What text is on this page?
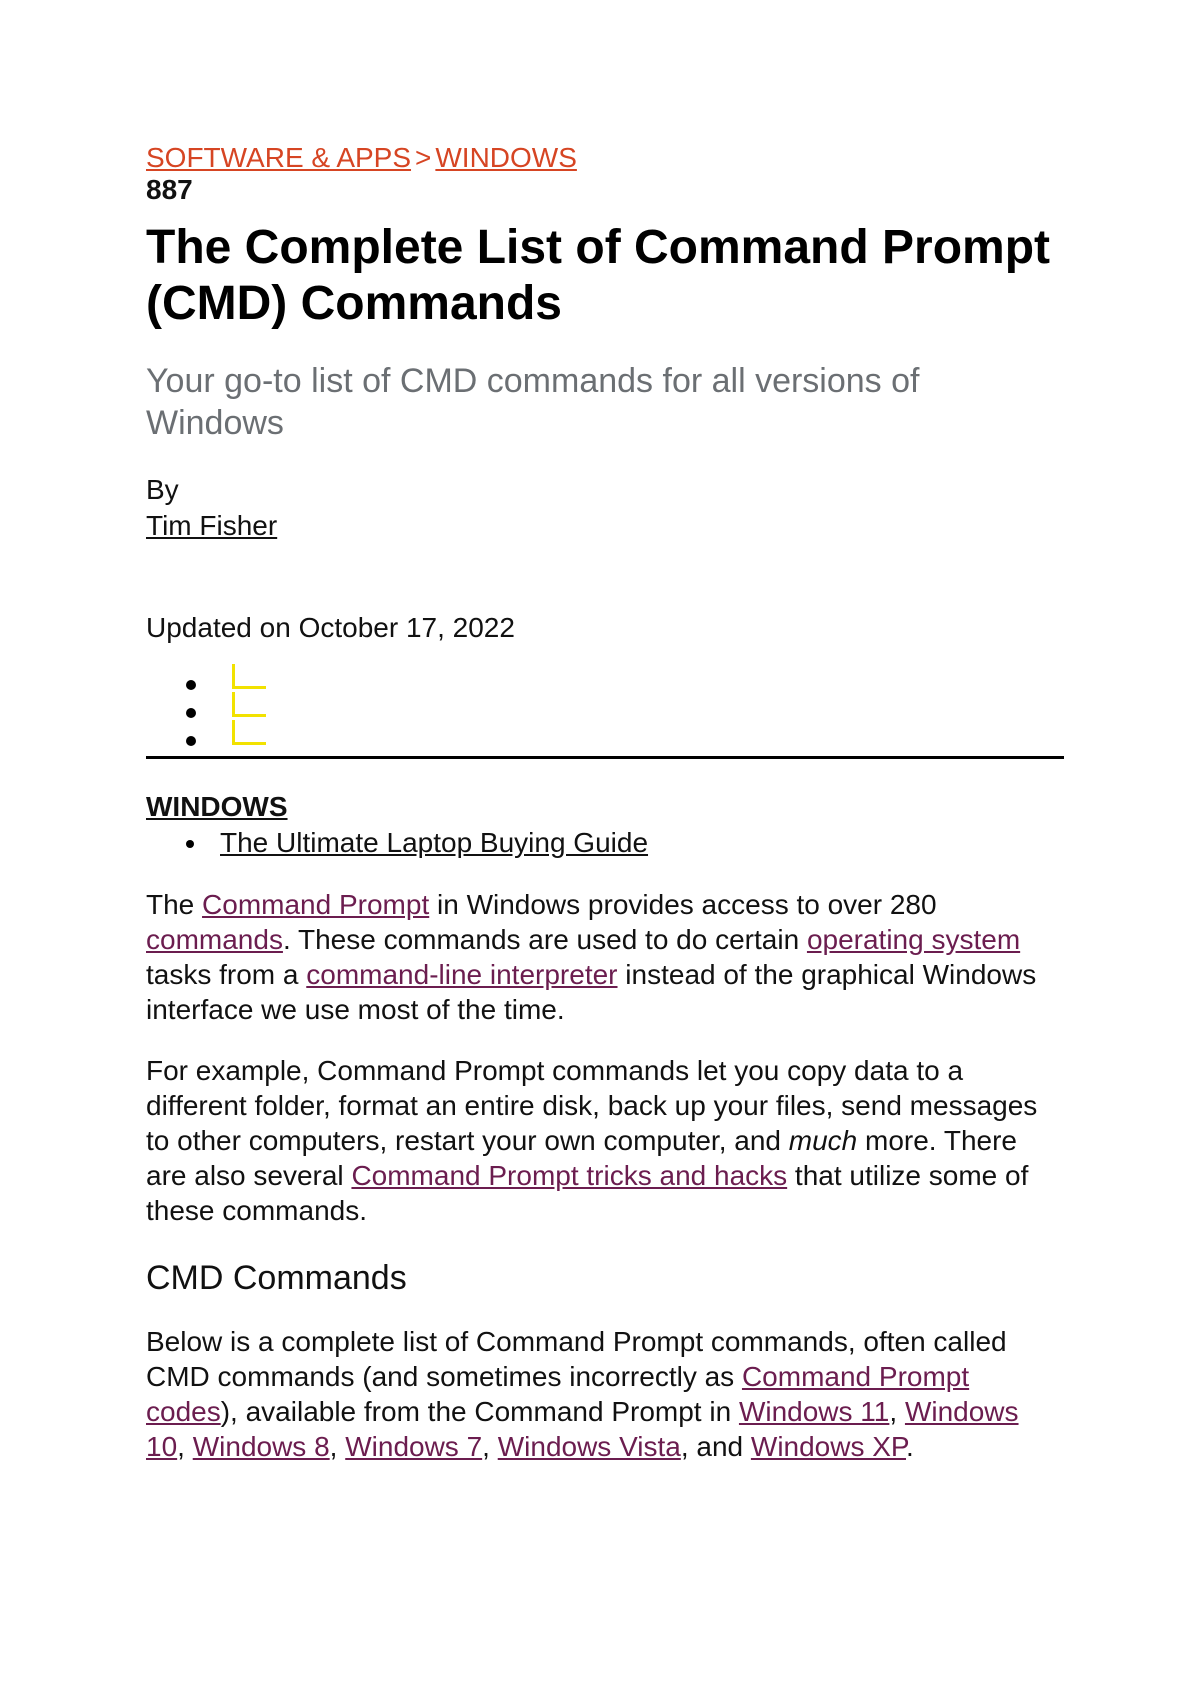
SOFTWARE & APPS > WINDOWS
887
The Complete List of Command Prompt (CMD) Commands
Your go-to list of CMD commands for all versions of Windows
By
Tim Fisher
Updated on October 17, 2022
WINDOWS
The Ultimate Laptop Buying Guide

The Command Prompt in Windows provides access to over 280 commands. These commands are used to do certain operating system tasks from a command-line interpreter instead of the graphical Windows interface we use most of the time.

For example, Command Prompt commands let you copy data to a different folder, format an entire disk, back up your files, send messages to other computers, restart your own computer, and much more. There are also several Command Prompt tricks and hacks that utilize some of these commands.

CMD Commands

Below is a complete list of Command Prompt commands, often called CMD commands (and sometimes incorrectly as Command Prompt codes), available from the Command Prompt in Windows 11, Windows 10, Windows 8, Windows 7, Windows Vista, and Windows XP.
